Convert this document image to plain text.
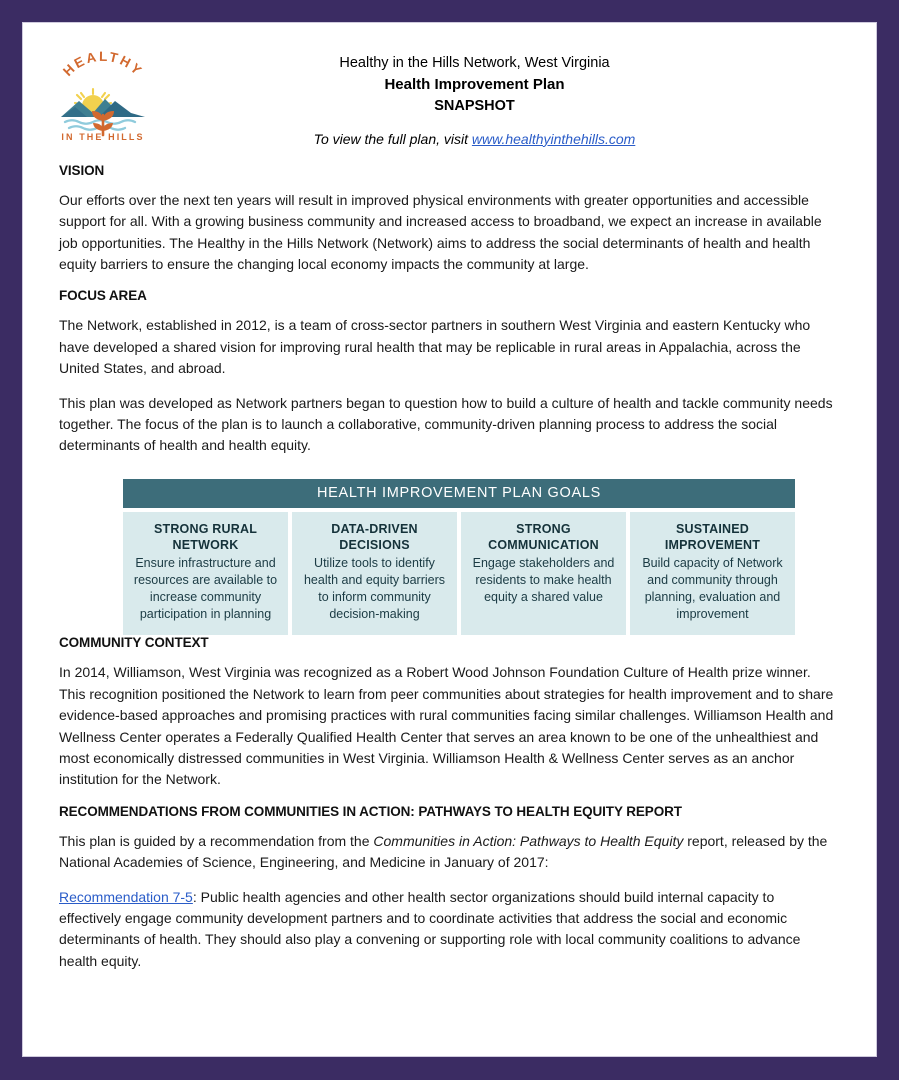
HEALTHY
IN THE HILLS
Healthy in the Hills Network, West Virginia
Health Improvement Plan
SNAPSHOT
To view the full plan, visit www.healthyinthehills.com
VISION

Our efforts over the next ten years will result in improved physical environments with greater opportunities and accessible support for all. With a growing business community and increased access to broadband, we expect an increase in available job opportunities. The Healthy in the Hills Network (Network) aims to address the social determinants of health and health equity barriers to ensure the changing local economy impacts the community at large.

FOCUS AREA

The Network, established in 2012, is a team of cross-sector partners in southern West Virginia and eastern Kentucky who have developed a shared vision for improving rural health that may be replicable in rural areas in Appalachia, across the United States, and abroad.

This plan was developed as Network partners began to question how to build a culture of health and tackle community needs together. The focus of the plan is to launch a collaborative, community-driven planning process to address the social determinants of health and health equity.

HEALTH IMPROVEMENT PLAN GOALS
STRONG RURAL NETWORK
Ensure infrastructure and resources are available to increase community participation in planning
DATA-DRIVEN DECISIONS
Utilize tools to identify health and equity barriers to inform community decision-making
STRONG COMMUNICATION
Engage stakeholders and residents to make health equity a shared value
SUSTAINED IMPROVEMENT
Build capacity of Network and community through planning, evaluation and improvement
COMMUNITY CONTEXT

In 2014, Williamson, West Virginia was recognized as a Robert Wood Johnson Foundation Culture of Health prize winner. This recognition positioned the Network to learn from peer communities about strategies for health improvement and to share evidence-based approaches and promising practices with rural communities facing similar challenges. Williamson Health and Wellness Center operates a Federally Qualified Health Center that serves an area known to be one of the unhealthiest and most economically distressed communities in West Virginia. Williamson Health & Wellness Center serves as an anchor institution for the Network.

RECOMMENDATIONS FROM COMMUNITIES IN ACTION: PATHWAYS TO HEALTH EQUITY REPORT

This plan is guided by a recommendation from the Communities in Action: Pathways to Health Equity report, released by the National Academies of Science, Engineering, and Medicine in January of 2017:

Recommendation 7-5: Public health agencies and other health sector organizations should build internal capacity to effectively engage community development partners and to coordinate activities that address the social and economic determinants of health. They should also play a convening or supporting role with local community coalitions to advance health equity.
